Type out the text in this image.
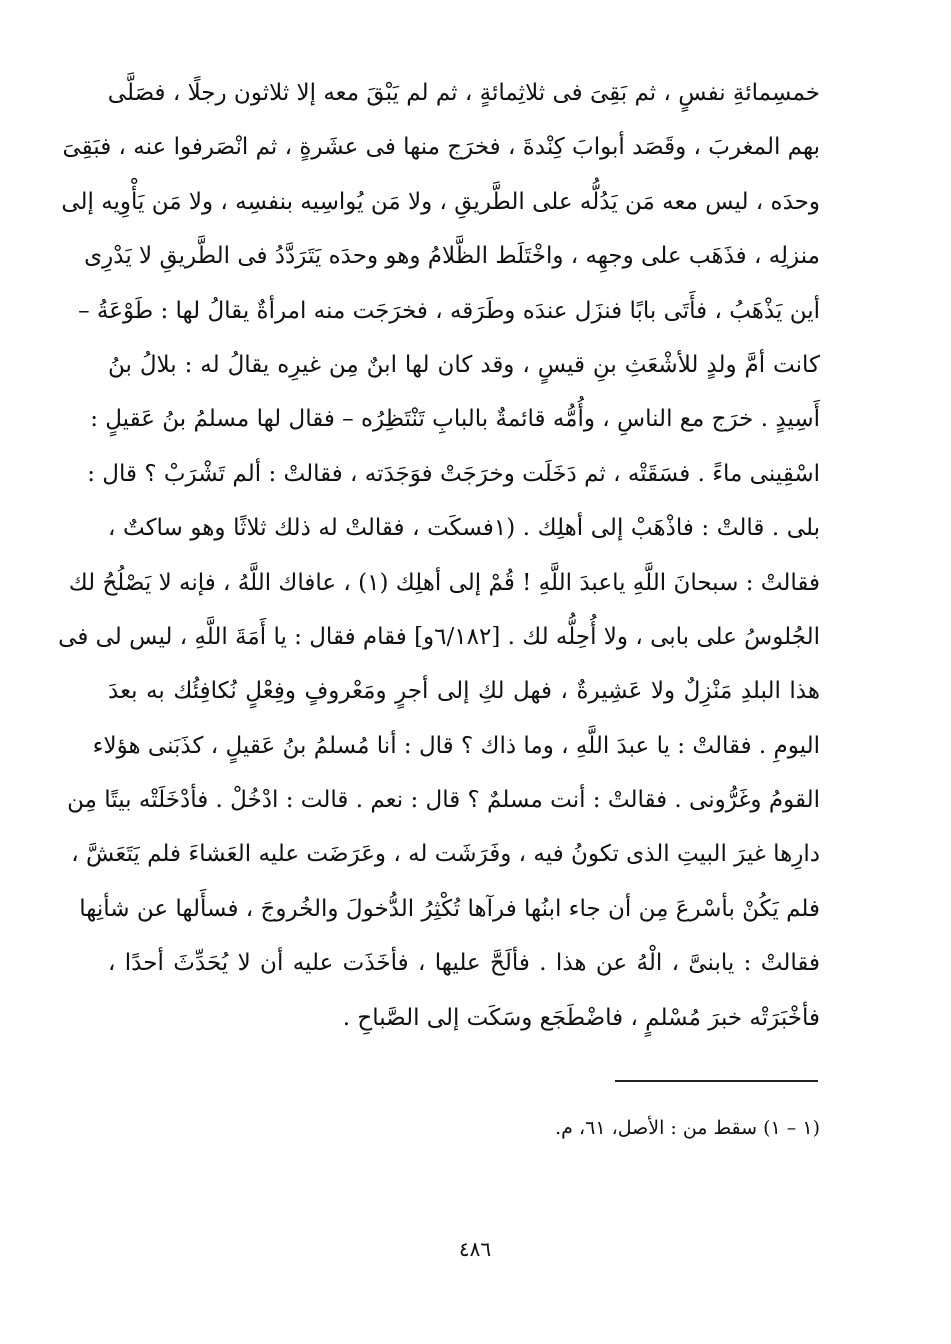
خمسِمائةِ نفسٍ ، ثم بَقِىَ فى ثلاثِمائةٍ ، ثم لم يَبْقَ معه إلا ثلاثون رجلًا ، فصَلَّى
بهم المغربَ ، وقَصَد أبوابَ كِنْدةَ ، فخرَج منها فى عشَرةٍ ، ثم انْصَرفوا عنه ، فبَقِىَ
وحدَه ، ليس معه مَن يَدُلُّه على الطَّريقِ ، ولا مَن يُواسِيه بنفسِه ، ولا مَن يَأْوِيه إلى
منزلِه ، فذَهَب على وجهِه ، واخْتَلَط الظَّلامُ وهو وحدَه يَتَرَدَّدُ فى الطَّريقِ لا يَدْرِى
أين يَذْهَبُ ، فأَتَى بابًا فنزَل عندَه وطَرَقه ، فخرَجَت منه امرأةٌ يقالُ لها : طَوْعَةُ –
كانت أمَّ ولدٍ للأشْعَثِ بنِ قيسٍ ، وقد كان لها ابنٌ مِن غيرِه يقالُ له : بلالُ بنُ
أَسِيدٍ . خرَج مع الناسِ ، وأُمُّه قائمةٌ بالبابِ تَنْتَظِرُه – فقال لها مسلمُ بنُ عَقيلٍ :
اسْقِينى ماءً . فسَقَتْه ، ثم دَخَلَت وخرَجَتْ فوَجَدَته ، فقالتْ : ألم تَشْرَبْ ؟ قال :
بلى . قالتْ : فاذْهَبْ إلى أهلِك . (١فسكَت ، فقالتْ له ذلك ثلاثًا وهو ساكتٌ ،
فقالتْ : سبحانَ اللَّهِ ياعبدَ اللَّهِ ! قُمْ إلى أهلِك (١) ، عافاك اللَّهُ ، فإنه لا يَصْلُحُ لك
الجُلوسُ على بابى ، ولا أُحِلُّه لك . [٦/١٨٢و] فقام فقال : يا أَمَةَ اللَّهِ ، ليس لى فى
هذا البلدِ مَنْزِلٌ ولا عَشِيرةٌ ، فهل لكِ إلى أجرٍ ومَعْروفٍ وفِعْلٍ نُكافِئُك به بعدَ
اليومِ . فقالتْ : يا عبدَ اللَّهِ ، وما ذاك ؟ قال : أنا مُسلمُ بنُ عَقيلٍ ، كذَبَنى هؤلاء
القومُ وغَرُّونى . فقالتْ : أنت مسلمٌ ؟ قال : نعم . قالت : ادْخُلْ . فأدْخَلَتْه بيتًا مِن
دارِها غيرَ البيتِ الذى تكونُ فيه ، وفَرَشَت له ، وعَرَضَت عليه العَشاءَ فلم يَتَعَشَّ ،
فلم يَكُنْ بأسْرعَ مِن أن جاء ابنُها فرآها تُكْثِرُ الدُّخولَ والخُروجَ ، فسأَلها عن شأنِها
فقالتْ : يابنىَّ ، الْهُ عن هذا . فألَحَّ عليها ، فأخَذَت عليه أن لا يُحَدِّثَ أحدًا ،
فأخْبَرَتْه خبرَ مُسْلمٍ ، فاضْطَجَع وسَكَت إلى الصَّباحِ .
(١ – ١) سقط من : الأصل، ٦١، م.
٤٨٦
